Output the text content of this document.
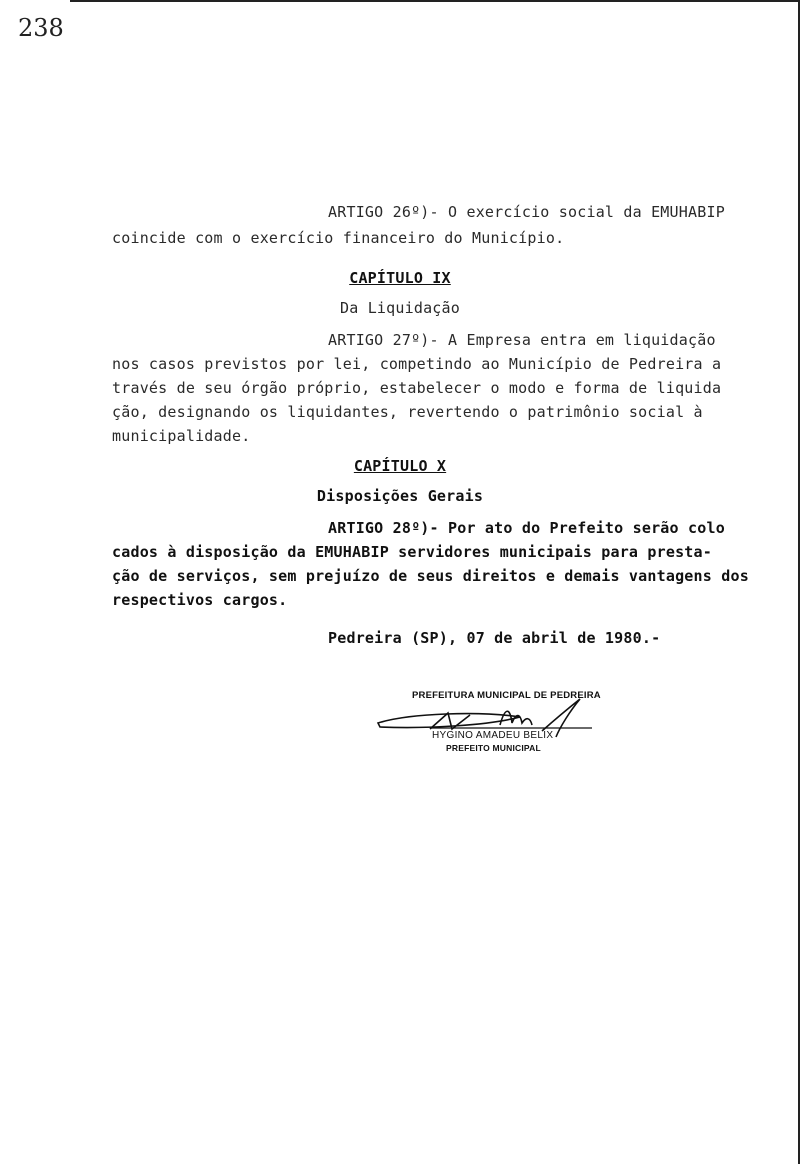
238
ARTIGO 26º)- O exercício social da EMUHABIP
coincide com o exercício financeiro do Município.
CAPÍTULO IX
Da Liquidação
ARTIGO 27º)- A Empresa entra em liquidação
nos casos previstos por lei, competindo ao Município de Pedreira a
través de seu órgão próprio, estabelecer o modo e forma de liquida
ção, designando os liquidantes, revertendo o patrimônio social à
municipalidade.
CAPÍTULO X
Disposições Gerais
ARTIGO 28º)- Por ato do Prefeito serão colo
cados à disposição da EMUHABIP servidores municipais para presta-
ção de serviços, sem prejuízo de seus direitos e demais vantagens dos
respectivos cargos.
Pedreira (SP), 07 de abril de 1980.-
PREFEITURA MUNICIPAL DE PEDREIRA
HYGINO AMADEU BELIX
PREFEITO MUNICIPAL
